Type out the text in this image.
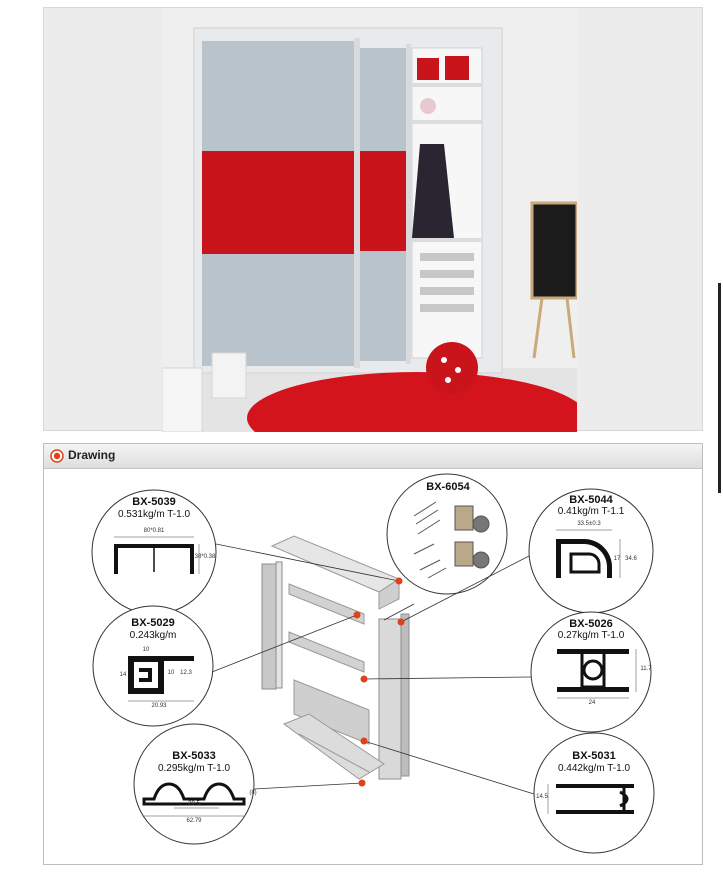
Drawing
BX-5039
0.531kg/m T-1.0
80*0.81
38*0.38
BX-6054
BX-5044
0.41kg/m T-1.1
33.5±0.3
17 34.6
BX-5029
0.243kg/m
10
14	10 12.3
20.93
BX-5026
0.27kg/m T-1.0
11.7
24
BX-5033
0.295kg/m T-1.0
39.5
62.79
(8)
BX-5031
0.442kg/m T-1.0
14.5
